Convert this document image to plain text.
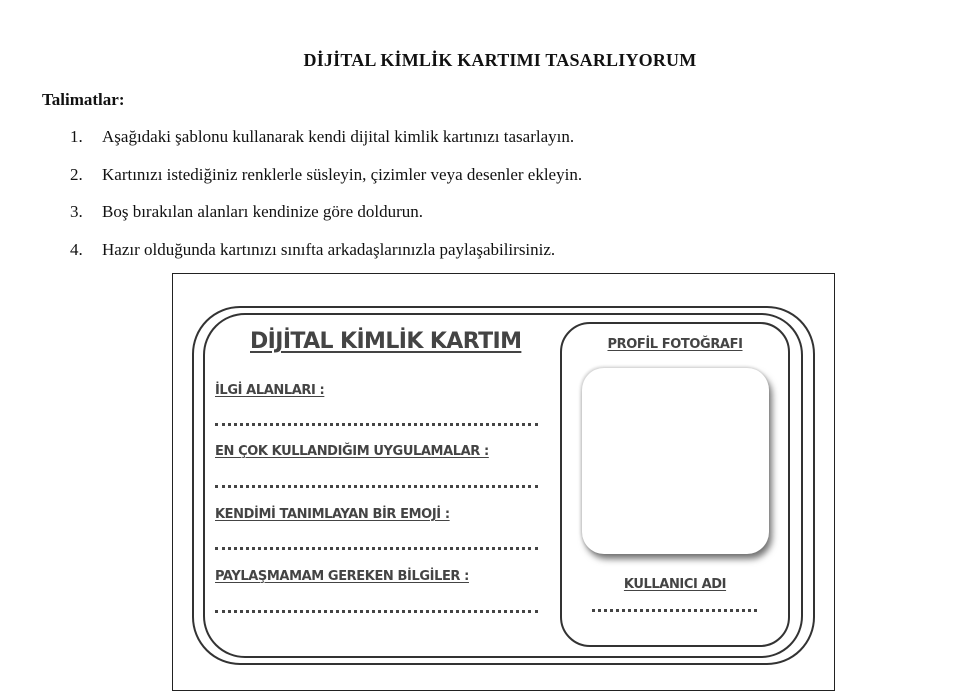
DİJİTAL KİMLİK KARTIMI TASARLIYORUM

Talimatlar:

1. Aşağıdaki şablonu kullanarak kendi dijital kimlik kartınızı tasarlayın.
2. Kartınızı istediğiniz renklerle süsleyin, çizimler veya desenler ekleyin.
3. Boş bırakılan alanları kendinize göre doldurun.
4. Hazır olduğunda kartınızı sınıfta arkadaşlarınızla paylaşabilirsiniz.

DİJİTAL KİMLİK KARTIM

İLGİ ALANLARI :
EN ÇOK KULLANDIĞIM UYGULAMALAR :
KENDİMİ TANIMLAYAN BİR EMOJİ :
PAYLAŞMAMAM GEREKEN BİLGİLER :
PROFİL FOTOĞRAFI
KULLANICI ADI
